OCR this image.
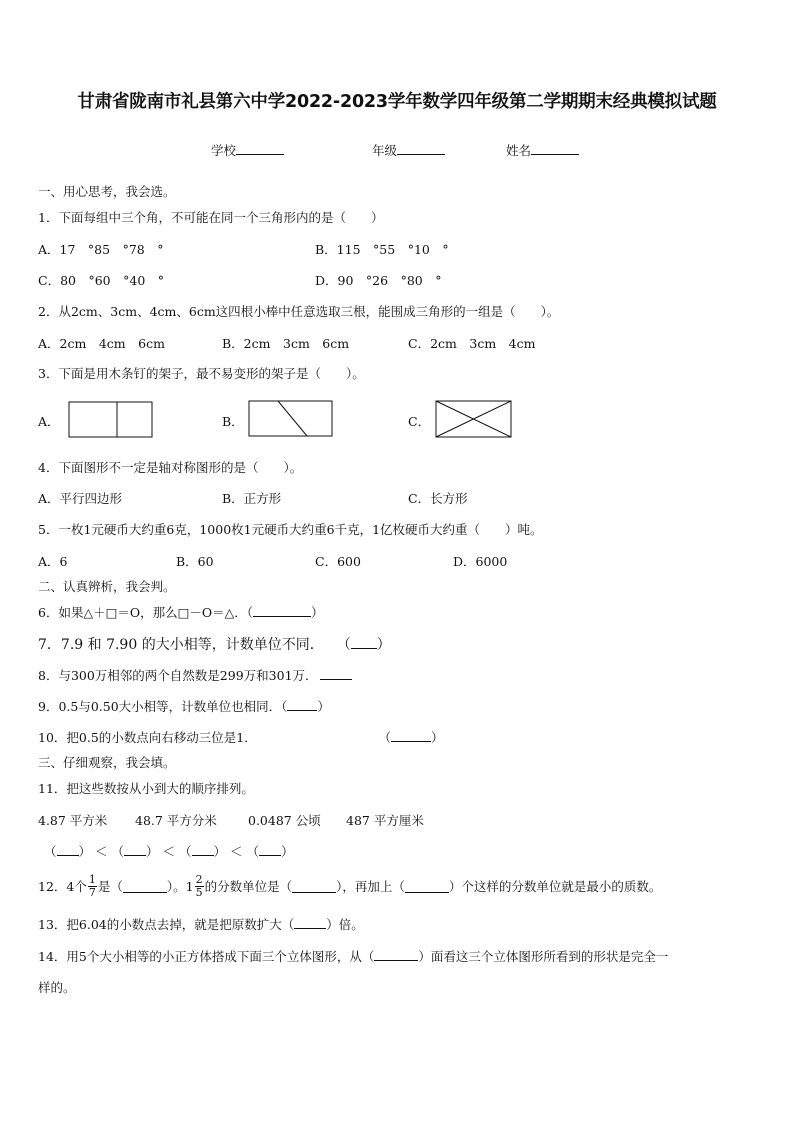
甘肃省陇南市礼县第六中学2022-2023学年数学四年级第二学期期末经典模拟试题
学校	年级	姓名
一、用心思考，我会选。
1．下面每组中三个角，不可能在同一个三角形内的是（　　）
A．17　°85　°78　°	B．115　°55　°10　°
C．80　°60　°40　°	D．90　°26　°80　°
2．从2cm、3cm、4cm、6cm这四根小棒中任意选取三根，能围成三角形的一组是（　　）。
A．2cm　4cm　6cm	B．2cm　3cm　6cm	C．2cm　3cm　4cm
3．下面是用木条钉的架子，最不易变形的架子是（　　）。
A．	B．	C．
4．下面图形不一定是轴对称图形的是（　　）。
A．平行四边形	B．正方形	C．长方形
5．一枚1元硬币大约重6克，1000枚1元硬币大约重6千克，1亿枚硬币大约重（　　）吨。
A．6	B．60	C．600	D．6000
二、认真辨析，我会判。
6．如果△＋□＝O，那么□－O＝△．（	）
7．7.9 和 7.90 的大小相等，计数单位不同． （ ）
8．与300万相邻的两个自然数是299万和301万．
9．0.5与0.50大小相等，计数单位也相同．（ ）
10．把0.5的小数点向右移动三位是1．	（	）
三、仔细观察，我会填。
11．把这些数按从小到大的顺序排列。
4.87 平方米 48.7 平方分米 0.0487 公顷 487 平方厘米
（ ） ＜ （ ） ＜ （ ） ＜ （ ）
12．4个 $\frac{1}{7}$ 是（	）。$1 \frac{2}{5}$ 的分数单位是（	），再加上（	）个这样的分数单位就是最小的质数。
13．把6.04的小数点去掉，就是把原数扩大（	）倍。
14．用5个大小相等的小正方体搭成下面三个立体图形，从（	）面看这三个立体图形所看到的形状是完全一
样的。
